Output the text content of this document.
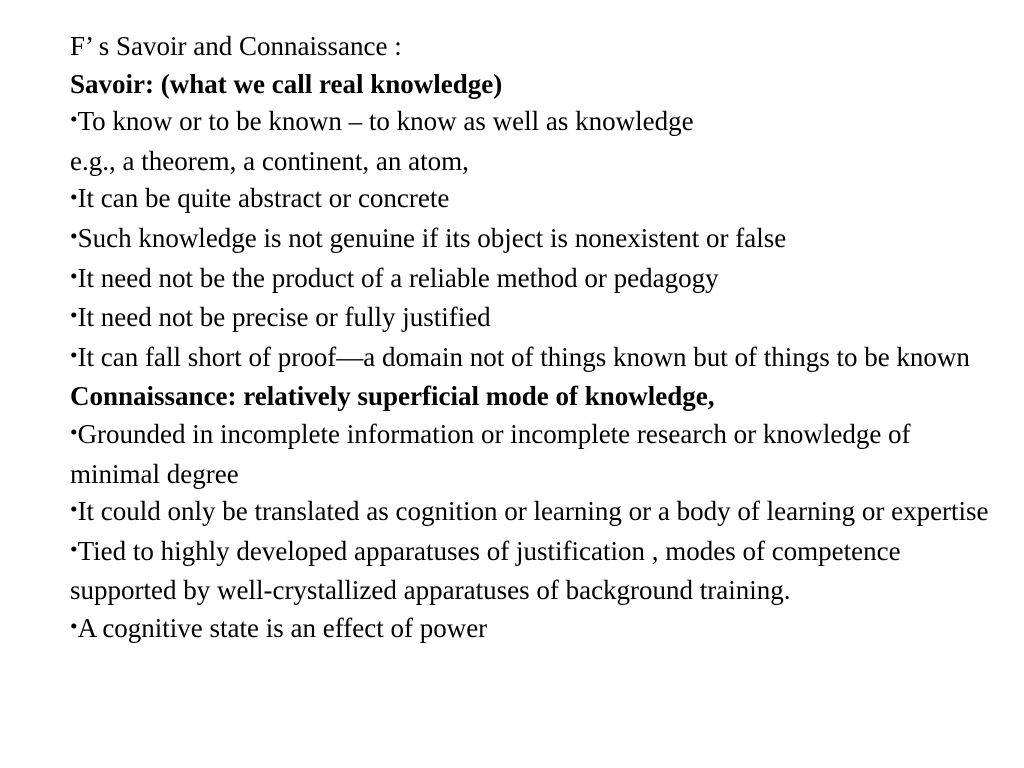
F’ s Savoir and Connaissance :

Savoir: (what we call real knowledge)

•To know or to be known – to know as well as knowledge

e.g., a theorem, a continent, an atom,

•It can be quite abstract or concrete

•Such knowledge is not genuine if its object is nonexistent or false

•It need not be the product of a reliable method or pedagogy

•It need not be precise or fully justified

•It can fall short of proof—a domain not of things known but of things to be known

Connaissance: relatively superficial mode of knowledge,

•Grounded in incomplete information or incomplete research or knowledge of minimal degree

•It could only be translated as cognition or learning or a body of learning or expertise

•Tied to highly developed apparatuses of justification , modes of competence supported by well-crystallized apparatuses of background training.

•A cognitive state is an effect of power
